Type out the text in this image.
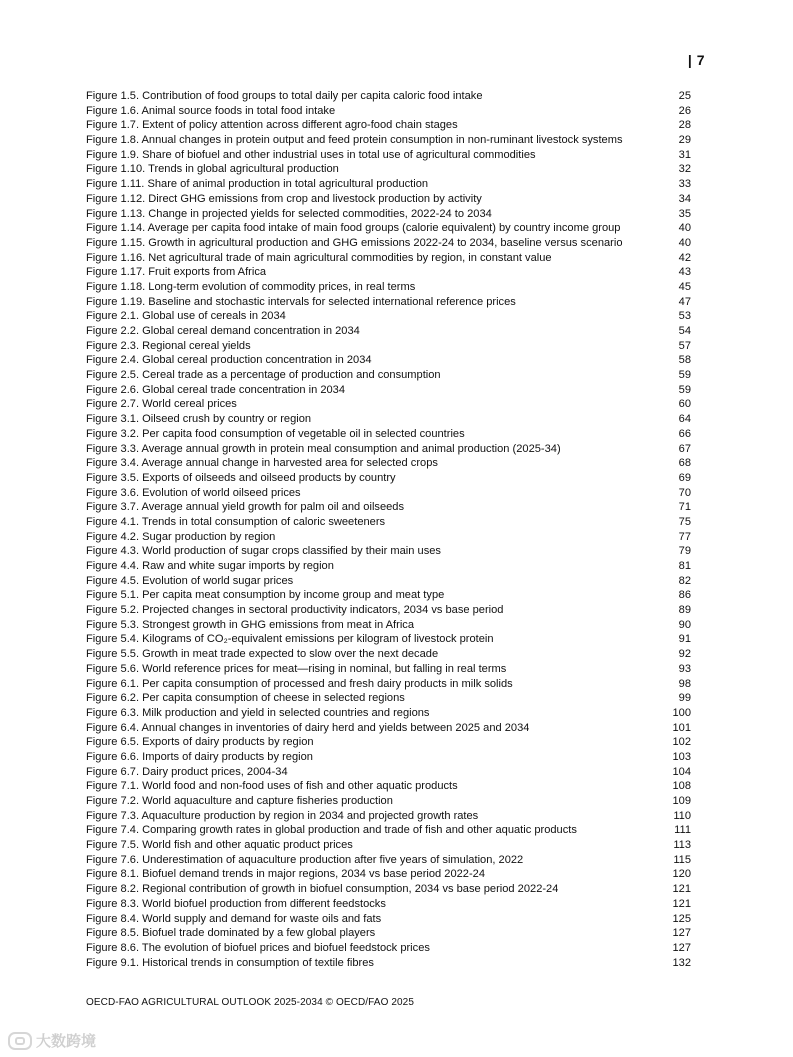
| 7
Figure 1.5. Contribution of food groups to total daily per capita caloric food intake	25
Figure 1.6. Animal source foods in total food intake	26
Figure 1.7. Extent of policy attention across different agro-food chain stages	28
Figure 1.8. Annual changes in protein output and feed protein consumption in non-ruminant livestock systems	29
Figure 1.9. Share of biofuel and other industrial uses in total use of agricultural commodities	31
Figure 1.10. Trends in global agricultural production	32
Figure 1.11. Share of animal production in total agricultural production	33
Figure 1.12. Direct GHG emissions from crop and livestock production by activity	34
Figure 1.13. Change in projected yields for selected commodities, 2022-24 to 2034	35
Figure 1.14. Average per capita food intake of main food groups (calorie equivalent) by country income group	40
Figure 1.15. Growth in agricultural production and GHG emissions 2022-24 to 2034, baseline versus scenario	40
Figure 1.16. Net agricultural trade of main agricultural commodities by region, in constant value	42
Figure 1.17. Fruit exports from Africa	43
Figure 1.18. Long-term evolution of commodity prices, in real terms	45
Figure 1.19. Baseline and stochastic intervals for selected international reference prices	47
Figure 2.1. Global use of cereals in 2034	53
Figure 2.2. Global cereal demand concentration in 2034	54
Figure 2.3. Regional cereal yields	57
Figure 2.4. Global cereal production concentration in 2034	58
Figure 2.5. Cereal trade as a percentage of production and consumption	59
Figure 2.6. Global cereal trade concentration in 2034	59
Figure 2.7. World cereal prices	60
Figure 3.1. Oilseed crush by country or region	64
Figure 3.2. Per capita food consumption of vegetable oil in selected countries	66
Figure 3.3. Average annual growth in protein meal consumption and animal production (2025-34)	67
Figure 3.4. Average annual change in harvested area for selected crops	68
Figure 3.5. Exports of oilseeds and oilseed products by country	69
Figure 3.6. Evolution of world oilseed prices	70
Figure 3.7. Average annual yield growth for palm oil and oilseeds	71
Figure 4.1. Trends in total consumption of caloric sweeteners	75
Figure 4.2. Sugar production by region	77
Figure 4.3. World production of sugar crops classified by their main uses	79
Figure 4.4. Raw and white sugar imports by region	81
Figure 4.5. Evolution of world sugar prices	82
Figure 5.1. Per capita meat consumption by income group and meat type	86
Figure 5.2. Projected changes in sectoral productivity indicators, 2034 vs base period	89
Figure 5.3. Strongest growth in GHG emissions from meat in Africa	90
Figure 5.4. Kilograms of CO₂-equivalent emissions per kilogram of livestock protein	91
Figure 5.5. Growth in meat trade expected to slow over the next decade	92
Figure 5.6. World reference prices for meat—rising in nominal, but falling in real terms	93
Figure 6.1. Per capita consumption of processed and fresh dairy products in milk solids	98
Figure 6.2. Per capita consumption of cheese in selected regions	99
Figure 6.3. Milk production and yield in selected countries and regions	100
Figure 6.4. Annual changes in inventories of dairy herd and yields between 2025 and 2034	101
Figure 6.5. Exports of dairy products by region	102
Figure 6.6. Imports of dairy products by region	103
Figure 6.7. Dairy product prices, 2004-34	104
Figure 7.1. World food and non-food uses of fish and other aquatic products	108
Figure 7.2. World aquaculture and capture fisheries production	109
Figure 7.3. Aquaculture production by region in 2034 and projected growth rates	110
Figure 7.4. Comparing growth rates in global production and trade of fish and other aquatic products	111
Figure 7.5. World fish and other aquatic product prices	113
Figure 7.6. Underestimation of aquaculture production after five years of simulation, 2022	115
Figure 8.1. Biofuel demand trends in major regions, 2034 vs base period 2022-24	120
Figure 8.2. Regional contribution of growth in biofuel consumption, 2034 vs base period 2022-24	121
Figure 8.3. World biofuel production from different feedstocks	121
Figure 8.4. World supply and demand for waste oils and fats	125
Figure 8.5. Biofuel trade dominated by a few global players	127
Figure 8.6. The evolution of biofuel prices and biofuel feedstock prices	127
Figure 9.1. Historical trends in consumption of textile fibres	132
OECD-FAO AGRICULTURAL OUTLOOK 2025-2034 © OECD/FAO 2025
大数跨境
